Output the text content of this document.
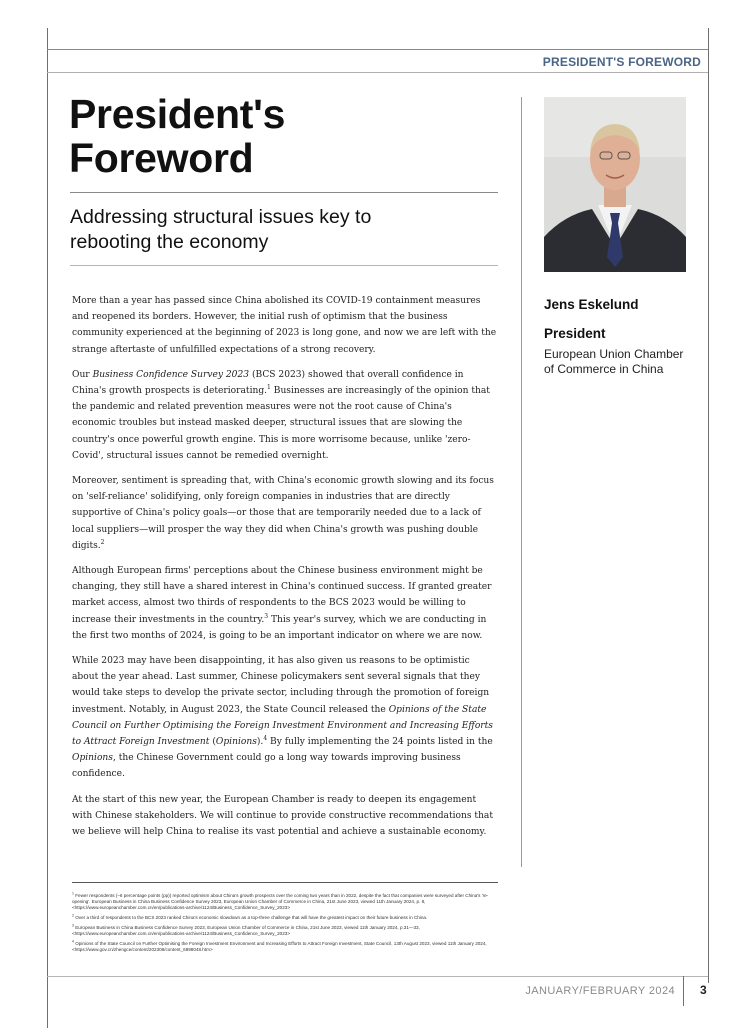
PRESIDENT'S FOREWORD
President's
Foreword
Addressing structural issues key to
rebooting the economy

More than a year has passed since China abolished its COVID-19 containment measures and reopened its borders. However, the initial rush of optimism that the business community experienced at the beginning of 2023 is long gone, and now we are left with the strange aftertaste of unfulfilled expectations of a strong recovery.

Our Business Confidence Survey 2023 (BCS 2023) showed that overall confidence in China's growth prospects is deteriorating.$^1$ Businesses are increasingly of the opinion that the pandemic and related prevention measures were not the root cause of China's economic troubles but instead masked deeper, structural issues that are slowing the country's once powerful growth engine. This is more worrisome because, unlike 'zero-Covid', structural issues cannot be remedied overnight.

Moreover, sentiment is spreading that, with China's economic growth slowing and its focus on 'self-reliance' solidifying, only foreign companies in industries that are directly supportive of China's policy goals—or those that are temporarily needed due to a lack of local suppliers—will prosper the way they did when China's growth was pushing double digits.$^2$

Although European firms' perceptions about the Chinese business environment might be changing, they still have a shared interest in China's continued success. If granted greater market access, almost two thirds of respondents to the BCS 2023 would be willing to increase their investments in the country.$^3$ This year's survey, which we are conducting in the first two months of 2024, is going to be an important indicator on where we are now.

While 2023 may have been disappointing, it has also given us reasons to be optimistic about the year ahead. Last summer, Chinese policymakers sent several signals that they would take steps to develop the private sector, including through the promotion of foreign investment. Notably, in August 2023, the State Council released the Opinions of the State Council on Further Optimising the Foreign Investment Environment and Increasing Efforts to Attract Foreign Investment (Opinions).$^4$ By fully implementing the 24 points listed in the Opinions, the Chinese Government could go a long way towards improving business confidence.

At the start of this new year, the European Chamber is ready to deepen its engagement with Chinese stakeholders. We will continue to provide constructive recommendations that we believe will help China to realise its vast potential and achieve a sustainable economy.

Jens Eskelund
President
European Union Chamber of Commerce in China

$^1$ Fewer respondents (–6 percentage points (pp)) reported optimism about China's growth prospects over the coming two years than in 2022, despite the fact that companies were surveyed after China's 're-opening'. European Business in China Business Confidence Survey 2023, European Union Chamber of Commerce in China, 21st June 2023, viewed 11th January 2024, p. 8, <https://www.europeanchamber.com.cn/en/publications-archive/1124/Business_Confidence_Survey_2023>

$^2$ Over a third of respondents to the BCS 2023 ranked China's economic slowdown as a top-three challenge that will have the greatest impact on their future business in China.

$^3$ European Business in China Business Confidence Survey 2023, European Union Chamber of Commerce in China, 21st June 2023, viewed 11th January 2024, p.31—33, <https://www.europeanchamber.com.cn/en/publications-archive/1124/Business_Confidence_Survey_2023>

$^4$ Opinions of the State Council on Further Optimising the Foreign Investment Environment and Increasing Efforts to Attract Foreign Investment, State Council, 13th August 2023, viewed 11th January 2024, <https://www.gov.cn/zhengce/content/202308/content_6898048.htm>

JANUARY/FEBRUARY 2024 3
